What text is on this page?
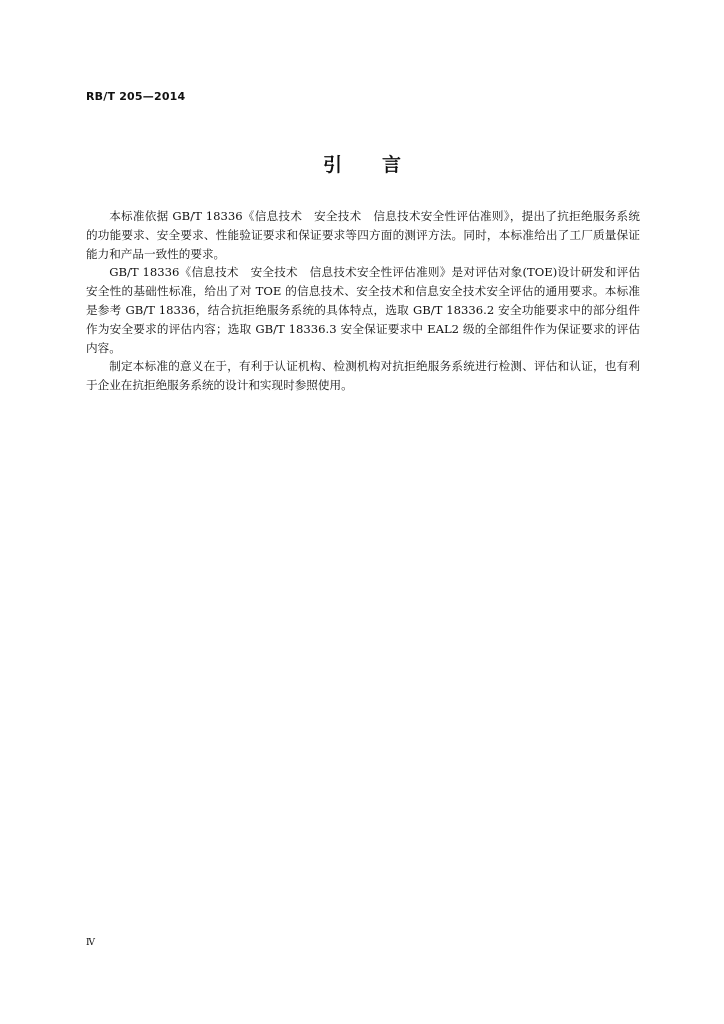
RB/T 205—2014
引 言

本标准依据 GB/T 18336《信息技术　安全技术　信息技术安全性评估准则》，提出了抗拒绝服务系统的功能要求、安全要求、性能验证要求和保证要求等四方面的测评方法。同时，本标准给出了工厂质量保证能力和产品一致性的要求。

GB/T 18336《信息技术　安全技术　信息技术安全性评估准则》是对评估对象(TOE)设计研发和评估安全性的基础性标准，给出了对 TOE 的信息技术、安全技术和信息安全技术安全评估的通用要求。本标准是参考 GB/T 18336，结合抗拒绝服务系统的具体特点，选取 GB/T 18336.2 安全功能要求中的部分组件作为安全要求的评估内容；选取 GB/T 18336.3 安全保证要求中 EAL2 级的全部组件作为保证要求的评估内容。

制定本标准的意义在于，有利于认证机构、检测机构对抗拒绝服务系统进行检测、评估和认证，也有利于企业在抗拒绝服务系统的设计和实现时参照使用。

Ⅳ
